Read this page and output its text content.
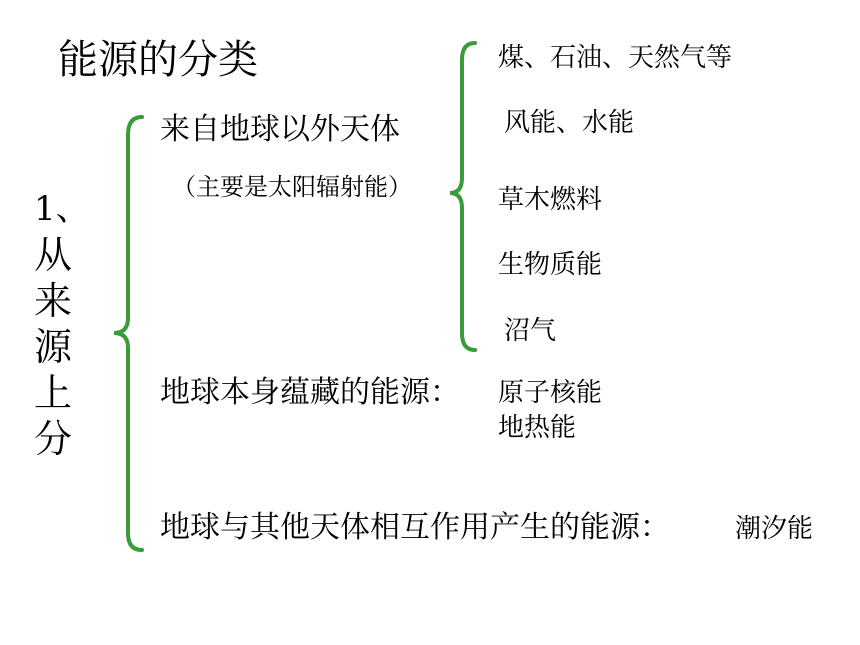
能源的分类
1、
从
来
源
上
分
来自地球以外天体
（主要是太阳辐射能）
地球本身蕴藏的能源：
地球与其他天体相互作用产生的能源：	潮汐能
煤、石油、天然气等
风能、水能
草木燃料
生物质能
沼气
原子核能
地热能
